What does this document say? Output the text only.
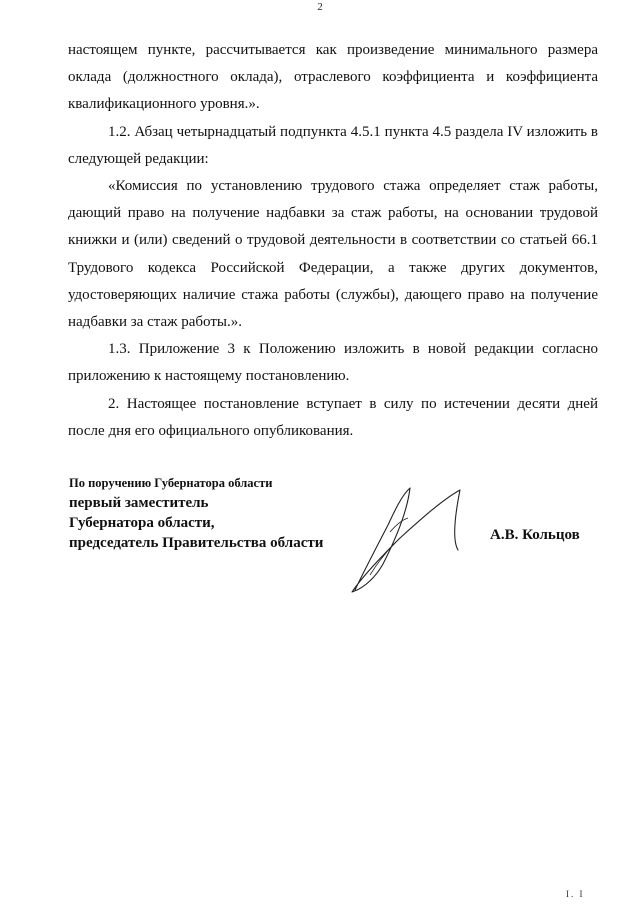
2

настоящем пункте, рассчитывается как произведение минимального размера оклада (должностного оклада), отраслевого коэффициента и коэффициента квалификационного уровня.».

1.2. Абзац четырнадцатый подпункта 4.5.1 пункта 4.5 раздела IV изложить в следующей редакции:

«Комиссия по установлению трудового стажа определяет стаж работы, дающий право на получение надбавки за стаж работы, на основании трудовой книжки и (или) сведений о трудовой деятельности в соответствии со статьей 66.1 Трудового кодекса Российской Федерации, а также других документов, удостоверяющих наличие стажа работы (службы), дающего право на получение надбавки за стаж работы.».

1.3. Приложение 3 к Положению изложить в новой редакции согласно приложению к настоящему постановлению.

2. Настоящее постановление вступает в силу по истечении десяти дней после дня его официального опубликования.

По поручению Губернатора области
первый заместитель
Губернатора области,
председатель Правительства области	А.В. Кольцов
I. I
